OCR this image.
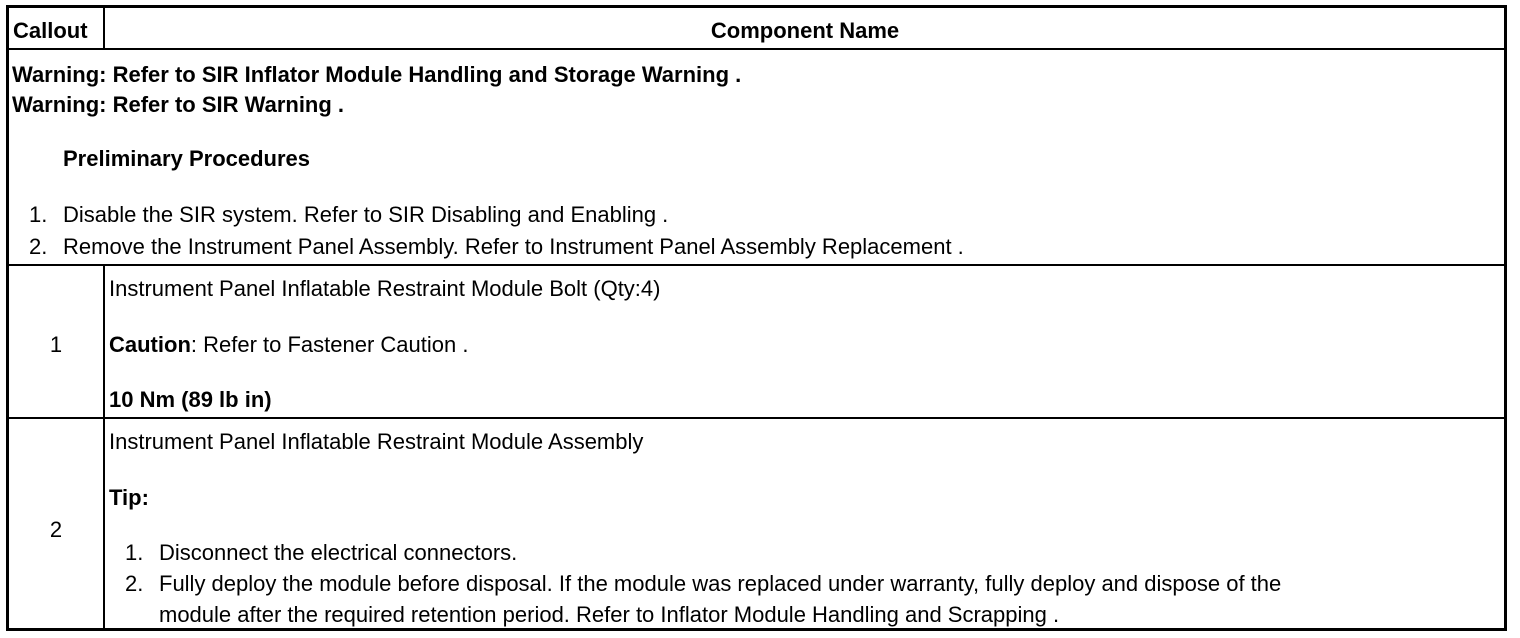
Callout	Component Name
Warning: Refer to SIR Inflator Module Handling and Storage Warning .
Warning: Refer to SIR Warning .
Preliminary Procedures
1. Disable the SIR system. Refer to SIR Disabling and Enabling .
2. Remove the Instrument Panel Assembly. Refer to Instrument Panel Assembly Replacement .
1
Instrument Panel Inflatable Restraint Module Bolt (Qty:4)
Caution: Refer to Fastener Caution .
10 Nm (89 lb in)
2
Instrument Panel Inflatable Restraint Module Assembly
Tip:
1. Disconnect the electrical connectors.
2. Fully deploy the module before disposal. If the module was replaced under warranty, fully deploy and dispose of the
module after the required retention period. Refer to Inflator Module Handling and Scrapping .
